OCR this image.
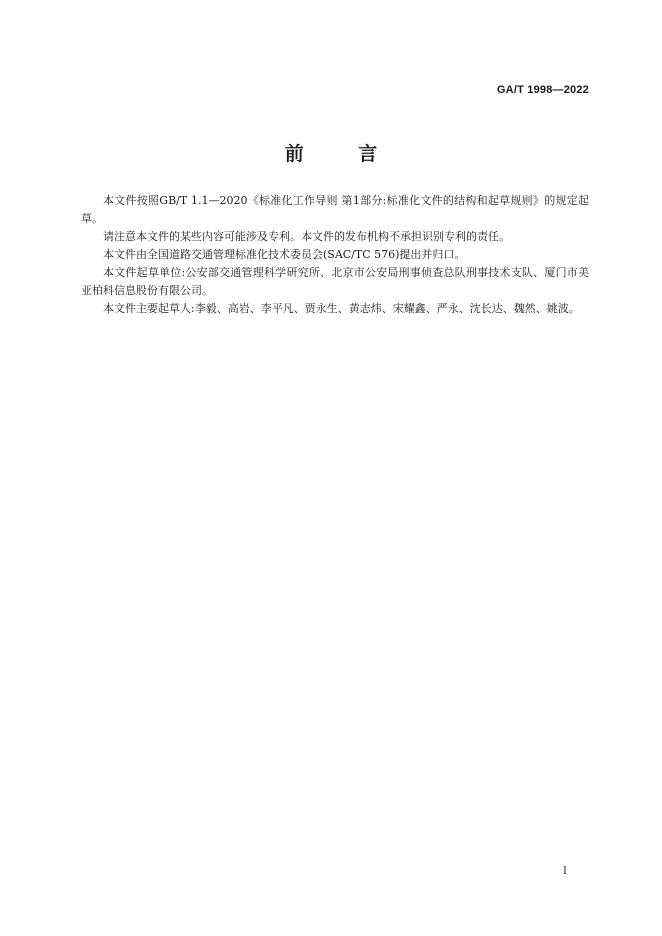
GA/T 1998—2022
前 言

本文件按照GB/T 1.1—2020《标准化工作导则 第1部分:标准化文件的结构和起草规则》的规定起草。

请注意本文件的某些内容可能涉及专利。本文件的发布机构不承担识别专利的责任。

本文件由全国道路交通管理标准化技术委员会(SAC/TC 576)提出并归口。

本文件起草单位:公安部交通管理科学研究所、北京市公安局刑事侦查总队刑事技术支队、厦门市美亚柏科信息股份有限公司。

本文件主要起草人:李毅、高岩、李平凡、贾永生、黄志炜、宋耀鑫、严永、沈长达、魏然、姚波。

I
